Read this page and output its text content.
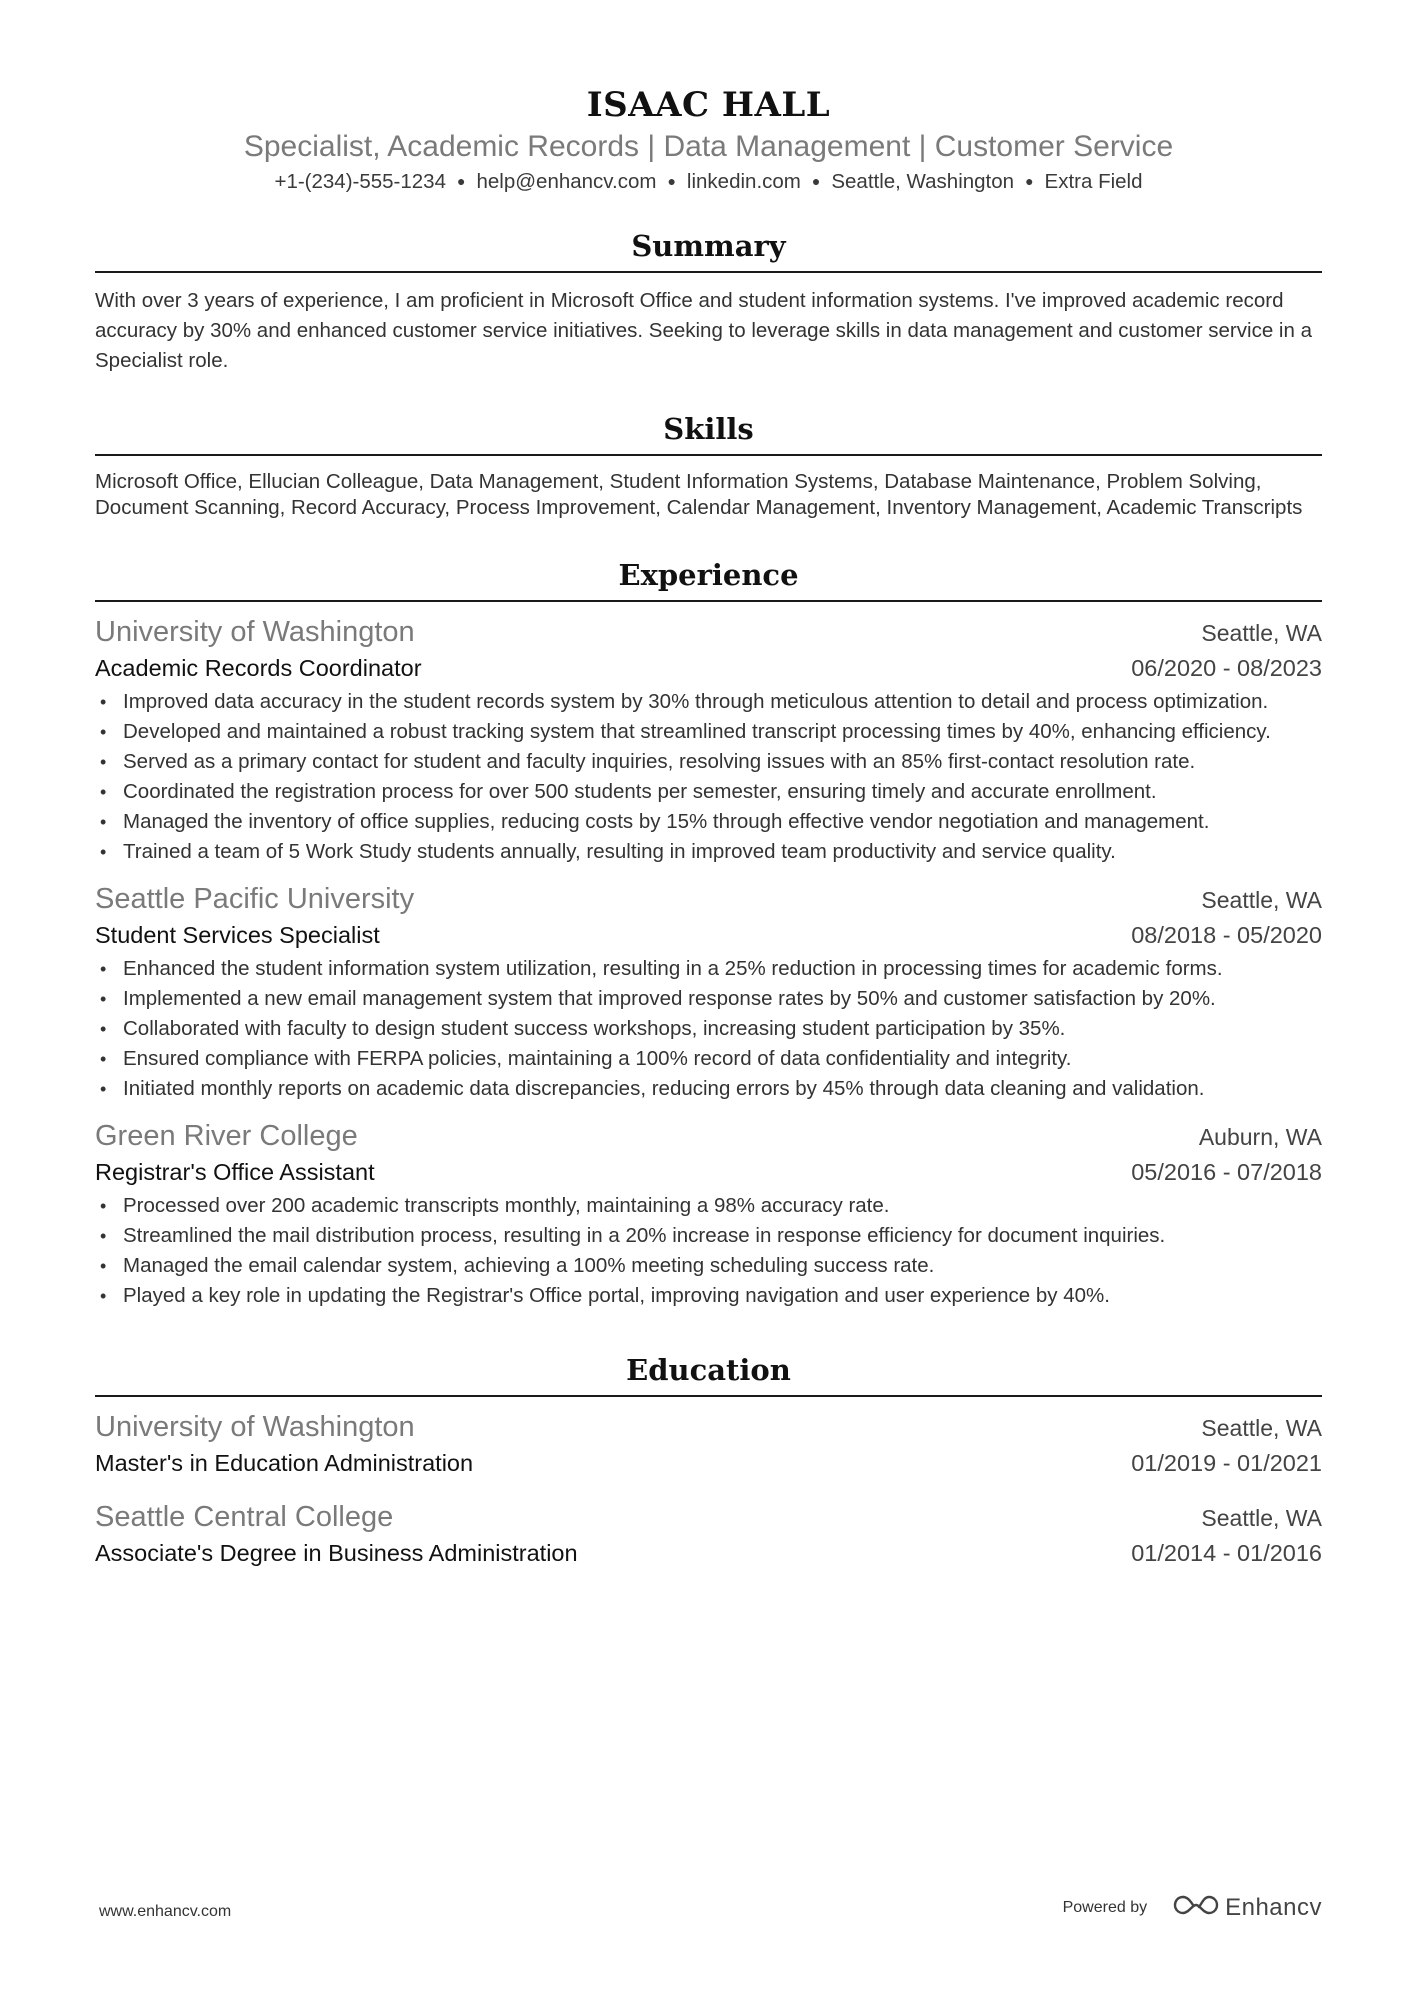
ISAAC HALL
Specialist, Academic Records | Data Management | Customer Service
+1-(234)-555-1234 ● help@enhancv.com ● linkedin.com ● Seattle, Washington ● Extra Field
Summary
With over 3 years of experience, I am proficient in Microsoft Office and student information systems. I've improved academic record accuracy by 30% and enhanced customer service initiatives. Seeking to leverage skills in data management and customer service in a Specialist role.
Skills
Microsoft Office, Ellucian Colleague, Data Management, Student Information Systems, Database Maintenance, Problem Solving, Document Scanning, Record Accuracy, Process Improvement, Calendar Management, Inventory Management, Academic Transcripts
Experience
University of Washington	Seattle, WA
Academic Records Coordinator	06/2020 - 08/2023
• Improved data accuracy in the student records system by 30% through meticulous attention to detail and process optimization.
• Developed and maintained a robust tracking system that streamlined transcript processing times by 40%, enhancing efficiency.
• Served as a primary contact for student and faculty inquiries, resolving issues with an 85% first-contact resolution rate.
• Coordinated the registration process for over 500 students per semester, ensuring timely and accurate enrollment.
• Managed the inventory of office supplies, reducing costs by 15% through effective vendor negotiation and management.
• Trained a team of 5 Work Study students annually, resulting in improved team productivity and service quality.
Seattle Pacific University	Seattle, WA
Student Services Specialist	08/2018 - 05/2020
• Enhanced the student information system utilization, resulting in a 25% reduction in processing times for academic forms.
• Implemented a new email management system that improved response rates by 50% and customer satisfaction by 20%.
• Collaborated with faculty to design student success workshops, increasing student participation by 35%.
• Ensured compliance with FERPA policies, maintaining a 100% record of data confidentiality and integrity.
• Initiated monthly reports on academic data discrepancies, reducing errors by 45% through data cleaning and validation.
Green River College	Auburn, WA
Registrar's Office Assistant	05/2016 - 07/2018
• Processed over 200 academic transcripts monthly, maintaining a 98% accuracy rate.
• Streamlined the mail distribution process, resulting in a 20% increase in response efficiency for document inquiries.
• Managed the email calendar system, achieving a 100% meeting scheduling success rate.
• Played a key role in updating the Registrar's Office portal, improving navigation and user experience by 40%.
Education
University of Washington	Seattle, WA
Master's in Education Administration	01/2019 - 01/2021
Seattle Central College	Seattle, WA
Associate's Degree in Business Administration	01/2014 - 01/2016
www.enhancv.com	Powered by	Enhancv
